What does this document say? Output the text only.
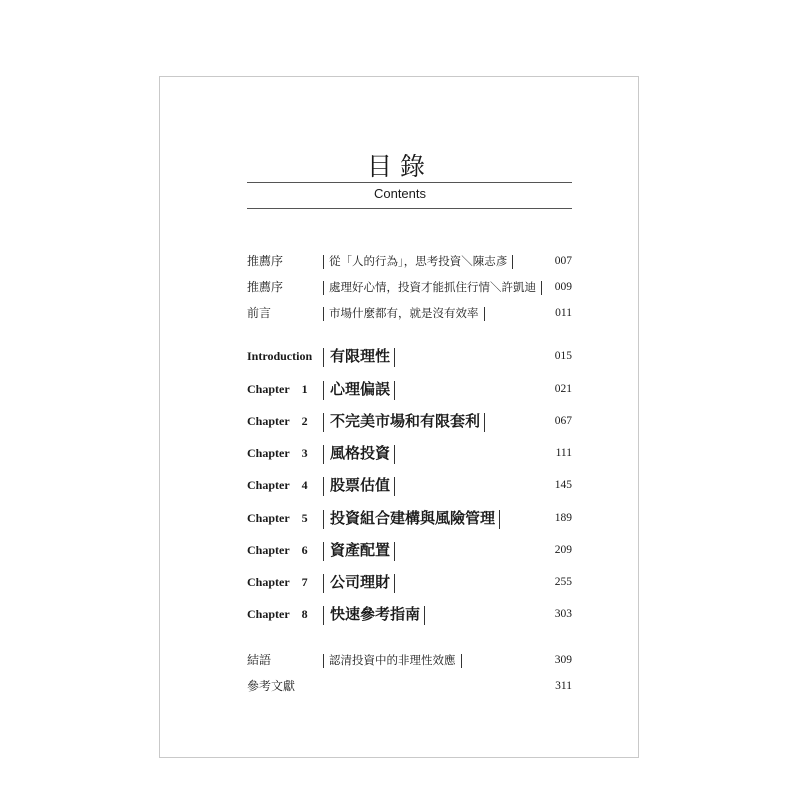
目錄
Contents
推薦序	從「人的行為」，思考投資＼陳志彥	007
推薦序	處理好心情，投資才能抓住行情＼許凱迪	009
前言	市場什麼都有，就是沒有效率	011
Introduction	有限理性	015
Chapter 1	心理偏誤	021
Chapter 2	不完美市場和有限套利	067
Chapter 3	風格投資	111
Chapter 4	股票估值	145
Chapter 5	投資組合建構與風險管理	189
Chapter 6	資產配置	209
Chapter 7	公司理財	255
Chapter 8	快速參考指南	303
結語	認清投資中的非理性效應	309
參考文獻	311
